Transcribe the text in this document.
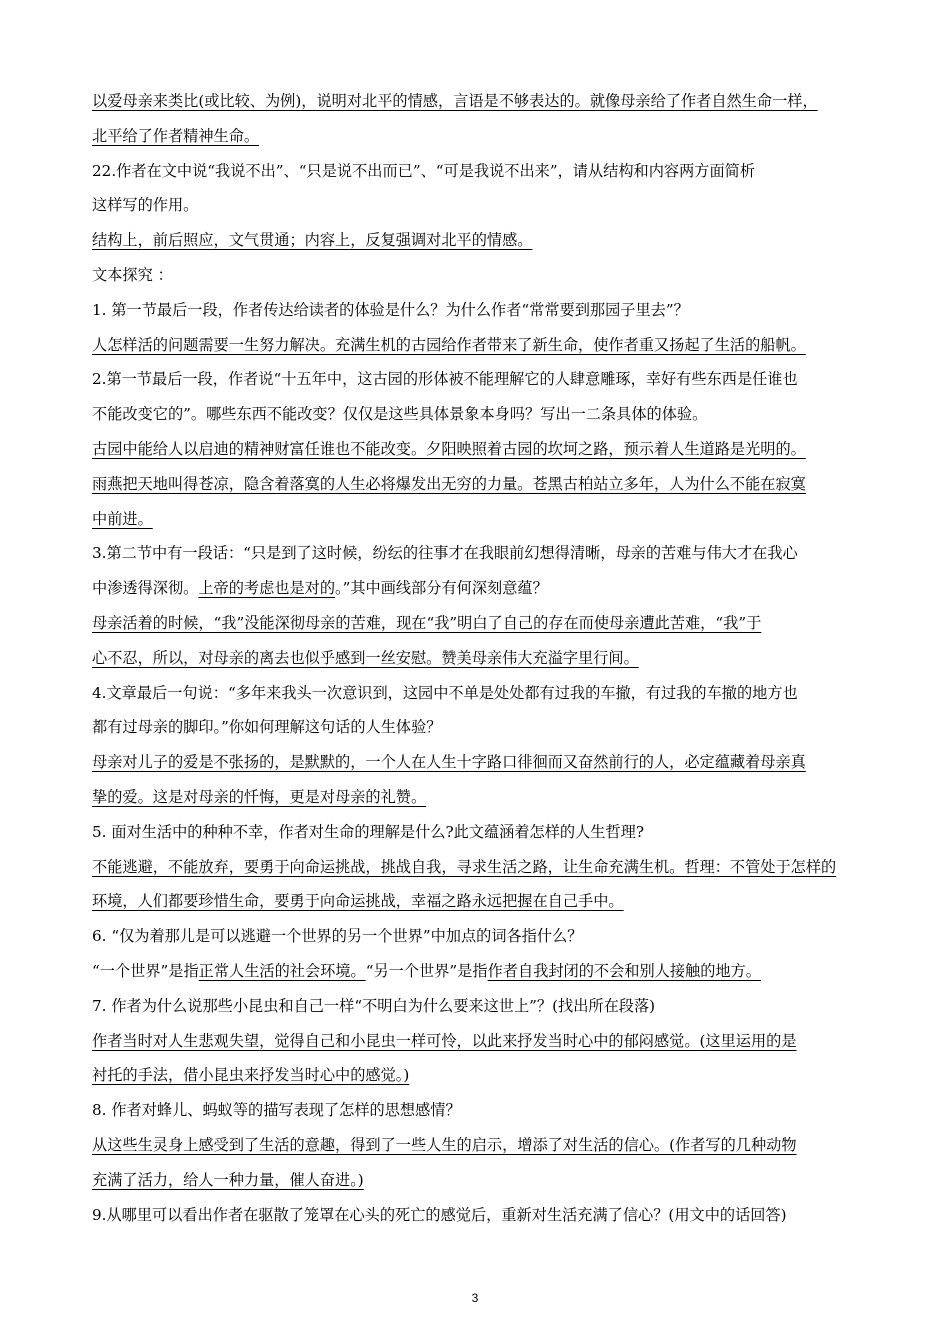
以爱母亲来类比(或比较、为例)，说明对北平的情感，言语是不够表达的。就像母亲给了作者自然生命一样，
北平给了作者精神生命。
22.作者在文中说“我说不出”、“只是说不出而已”、“可是我说不出来”，请从结构和内容两方面简析
这样写的作用。
结构上，前后照应，文气贯通；内容上，反复强调对北平的情感。
文本探究 ：
1. 第一节最后一段，作者传达给读者的体验是什么？为什么作者“常常要到那园子里去”？
人怎样活的问题需要一生努力解决。充满生机的古园给作者带来了新生命，使作者重又扬起了生活的船帆。
2.第一节最后一段，作者说“十五年中，这古园的形体被不能理解它的人肆意雕琢，幸好有些东西是任谁也
不能改变它的”。哪些东西不能改变？仅仅是这些具体景象本身吗？写出一二条具体的体验。
古园中能给人以启迪的精神财富任谁也不能改变。夕阳映照着古园的坎坷之路，预示着人生道路是光明的。
雨燕把天地叫得苍凉，隐含着落寞的人生必将爆发出无穷的力量。苍黑古柏站立多年，人为什么不能在寂寞
中前进。
3.第二节中有一段话：“只是到了这时候，纷纭的往事才在我眼前幻想得清晰，母亲的苦难与伟大才在我心
中渗透得深彻。上帝的考虑也是对的。”其中画线部分有何深刻意蕴？
母亲活着的时候，“我”没能深彻母亲的苦难，现在“我”明白了自己的存在而使母亲遭此苦难，“我”于
心不忍，所以，对母亲的离去也似乎感到一丝安慰。赞美母亲伟大充溢字里行间。
4.文章最后一句说：“多年来我头一次意识到，这园中不单是处处都有过我的车撤，有过我的车撤的地方也
都有过母亲的脚印。”你如何理解这句话的人生体验？
母亲对儿子的爱是不张扬的，是默默的，一个人在人生十字路口徘徊而又奋然前行的人，必定蕴藏着母亲真
挚的爱。这是对母亲的忏悔，更是对母亲的礼赞。
5. 面对生活中的种种不幸，作者对生命的理解是什么?此文蕴涵着怎样的人生哲理?
不能逃避，不能放弃，要勇于向命运挑战，挑战自我，寻求生活之路，让生命充满生机。哲理：不管处于怎样的
环境，人们都要珍惜生命，要勇于向命运挑战，幸福之路永远把握在自己手中。
6. “仅为着那儿是可以逃避一个世界的另一个世界”中加点的词各指什么？
“一个世界”是指正常人生活的社会环境。“另一个世界”是指作者自我封闭的不会和别人接触的地方。
7. 作者为什么说那些小昆虫和自己一样“不明白为什么要来这世上”？(找出所在段落)
作者当时对人生悲观失望，觉得自己和小昆虫一样可怜，以此来抒发当时心中的郁闷感觉。(这里运用的是
衬托的手法，借小昆虫来抒发当时心中的感觉。)
8. 作者对蜂儿、蚂蚁等的描写表现了怎样的思想感情？
从这些生灵身上感受到了生活的意趣，得到了一些人生的启示，增添了对生活的信心。(作者写的几种动物
充满了活力，给人一种力量，催人奋进。)
9.从哪里可以看出作者在驱散了笼罩在心头的死亡的感觉后，重新对生活充满了信心？(用文中的话回答)
3
